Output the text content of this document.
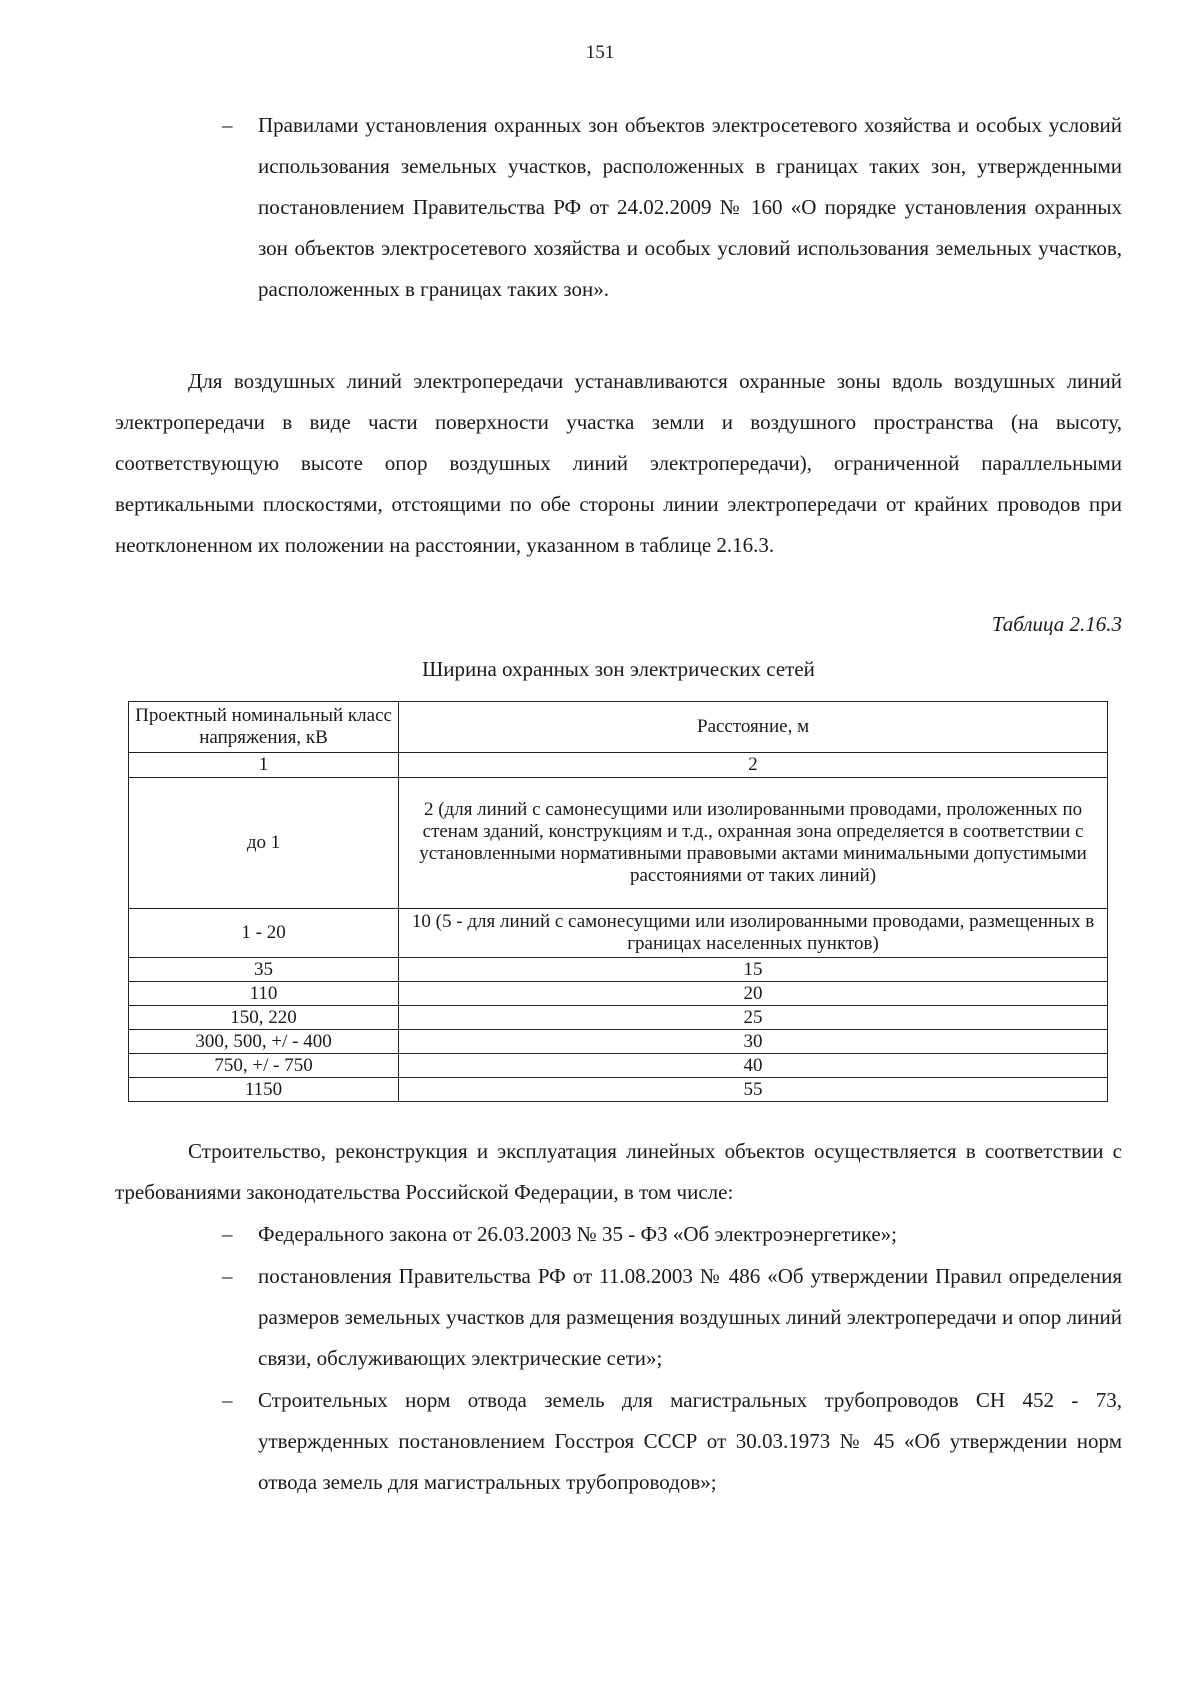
151
– Правилами установления охранных зон объектов электросетевого хозяйства и особых условий использования земельных участков, расположенных в границах таких зон, утвержденными постановлением Правительства РФ от 24.02.2009 № 160 «О порядке установления охранных зон объектов электросетевого хозяйства и особых условий использования земельных участков, расположенных в границах таких зон».
Для воздушных линий электропередачи устанавливаются охранные зоны вдоль воздушных линий электропередачи в виде части поверхности участка земли и воздушного пространства (на высоту, соответствующую высоте опор воздушных линий электропередачи), ограниченной параллельными вертикальными плоскостями, отстоящими по обе стороны линии электропередачи от крайних проводов при неотклоненном их положении на расстоянии, указанном в таблице 2.16.3.
Таблица 2.16.3
Ширина охранных зон электрических сетей
Проектный номинальный класс напряжения, кВ	Расстояние, м
1	2
до 1	2 (для линий с самонесущими или изолированными проводами, проложенных по стенам зданий, конструкциям и т.д., охранная зона определяется в соответствии с установленными нормативными правовыми актами минимальными допустимыми расстояниями от таких линий)
1 - 20	10 (5 - для линий с самонесущими или изолированными проводами, размещенных в границах населенных пунктов)
35	15
110	20
150, 220	25
300, 500, +/ - 400	30
750, +/ - 750	40
1150	55
Строительство, реконструкция и эксплуатация линейных объектов осуществляется в соответствии с требованиями законодательства Российской Федерации, в том числе:
– Федерального закона от 26.03.2003 № 35 - ФЗ «Об электроэнергетике»;
– постановления Правительства РФ от 11.08.2003 № 486 «Об утверждении Правил определения размеров земельных участков для размещения воздушных линий электропередачи и опор линий связи, обслуживающих электрические сети»;
– Строительных норм отвода земель для магистральных трубопроводов СН 452 - 73, утвержденных постановлением Госстроя СССР от 30.03.1973 № 45 «Об утверждении норм отвода земель для магистральных трубопроводов»;
